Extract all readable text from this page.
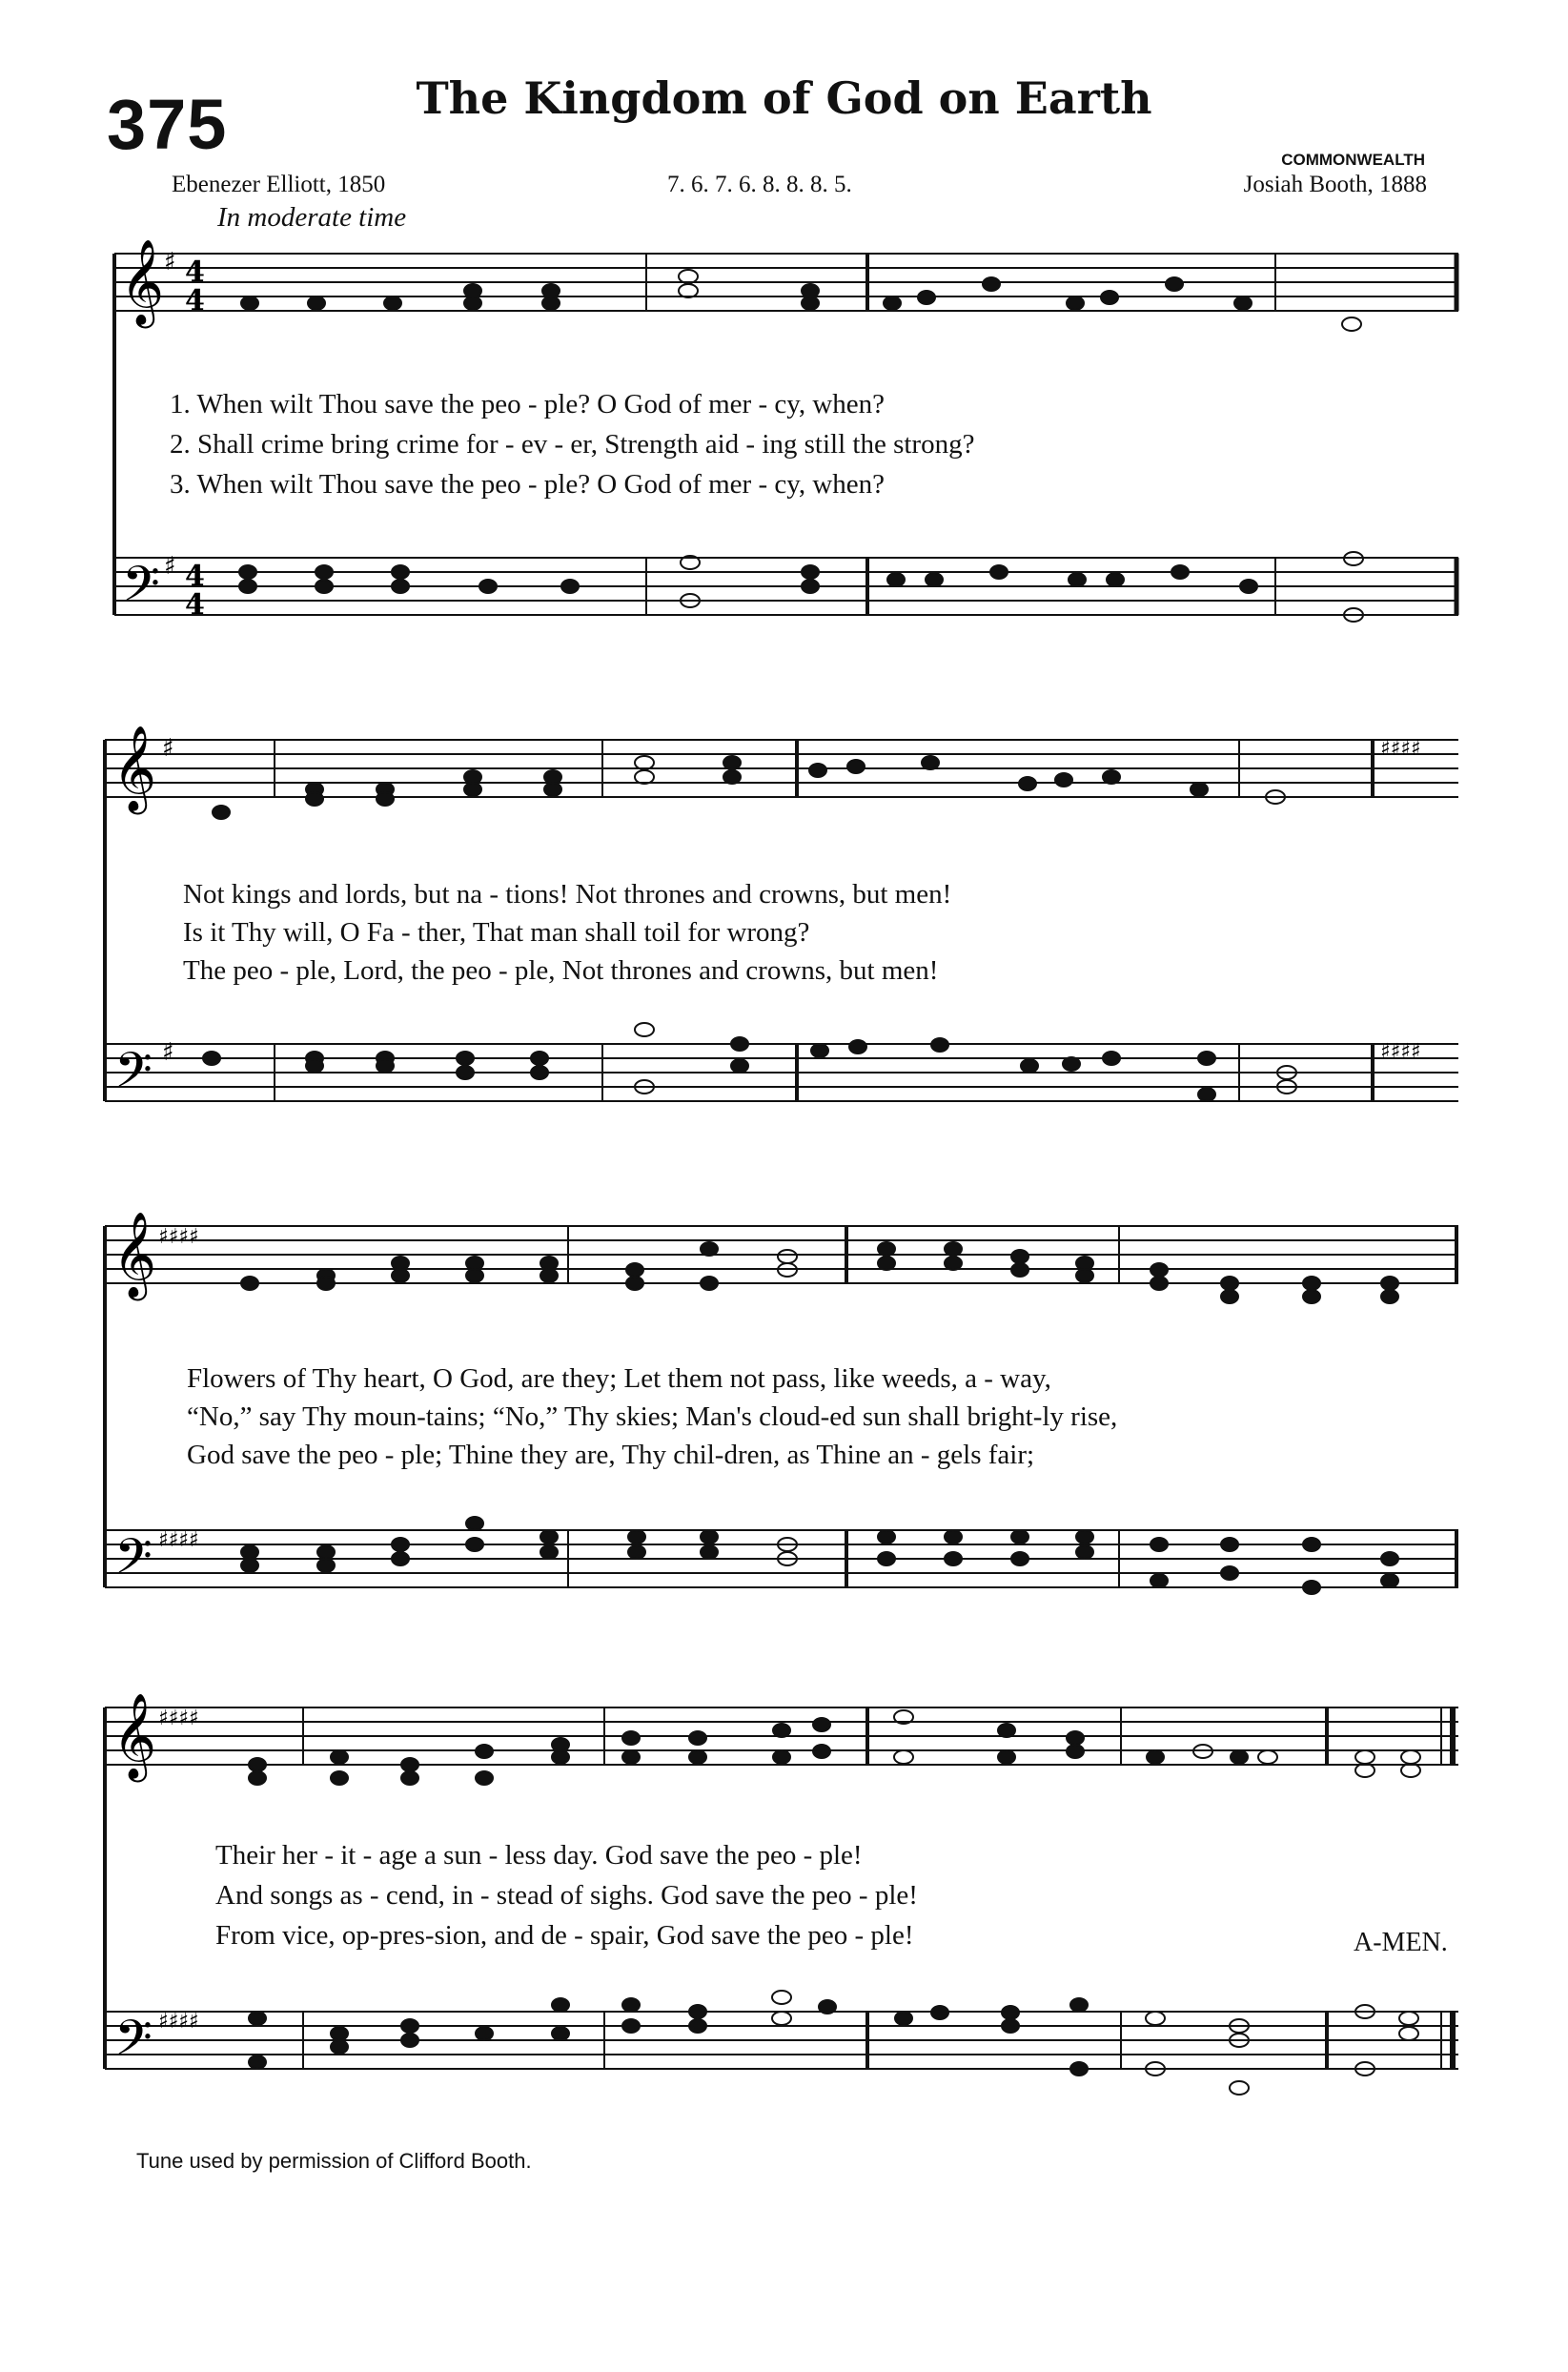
375	The Kingdom of God on Earth
COMMONWEALTH
Ebenezer Elliott, 1850	7. 6. 7. 6. 8. 8. 8. 5.	Josiah Booth, 1888
In moderate time
𝄞
𝄢
♯
♯
4
4
4
4
1. When wilt Thou save the peo - ple? O God of mer - cy, when?
2. Shall crime bring crime for - ev - er, Strength aid - ing still the strong?
3. When wilt Thou save the peo - ple? O God of mer - cy, when?
𝄞
𝄢
♯
♯
♯♯♯♯
♯♯♯♯
Not kings and lords, but na - tions! Not thrones and crowns, but men!
Is it Thy will, O Fa - ther, That man shall toil for wrong?
The peo - ple, Lord, the peo - ple, Not thrones and crowns, but men!
𝄞
𝄢
♯♯♯♯
♯♯♯♯
Flowers of Thy heart, O God, are they; Let them not pass, like weeds, a - way,
“No,” say Thy moun-tains; “No,” Thy skies; Man's cloud-ed sun shall bright-ly rise,
God save the peo - ple; Thine they are, Thy chil-dren, as Thine an - gels fair;
𝄞
𝄢
♯♯♯♯
♯♯♯♯
Their her - it - age a sun - less day. God save the peo - ple!
And songs as - cend, in - stead of sighs. God save the peo - ple!
From vice, op-pres-sion, and de - spair, God save the peo - ple!	A-MEN.
Tune used by permission of Clifford Booth.
